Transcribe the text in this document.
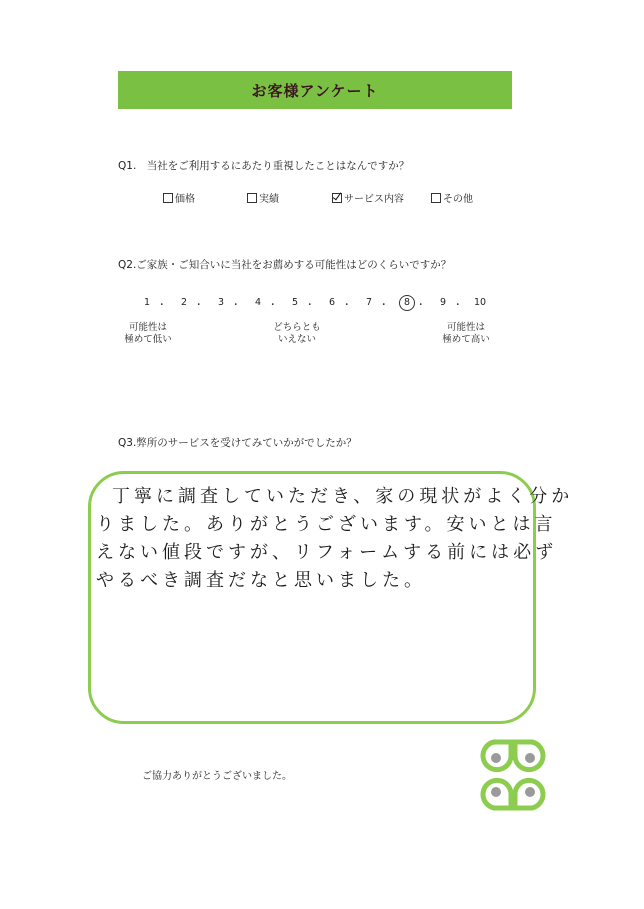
お客様アンケート
Q1.　当社をご利用するにあたり重視したことはなんですか？
価格	実績	サービス内容	その他
Q2.ご家族・ご知合いに当社をお薦めする可能性はどのくらいですか？
1 ・	2 ・	3 ・	4 ・	5 ・	6 ・	7 ・	8 ・	9 ・ 10
可能性は
極めて低い
どちらとも
いえない
可能性は
極めて高い
Q3.弊所のサービスを受けてみていかがでしたか？
丁寧に調査していただき、家の現状がよく分か
りました。ありがとうございます。安いとは言
えない値段ですが、リフォームする前には必ず
やるべき調査だなと思いました。
ご協力ありがとうございました。
